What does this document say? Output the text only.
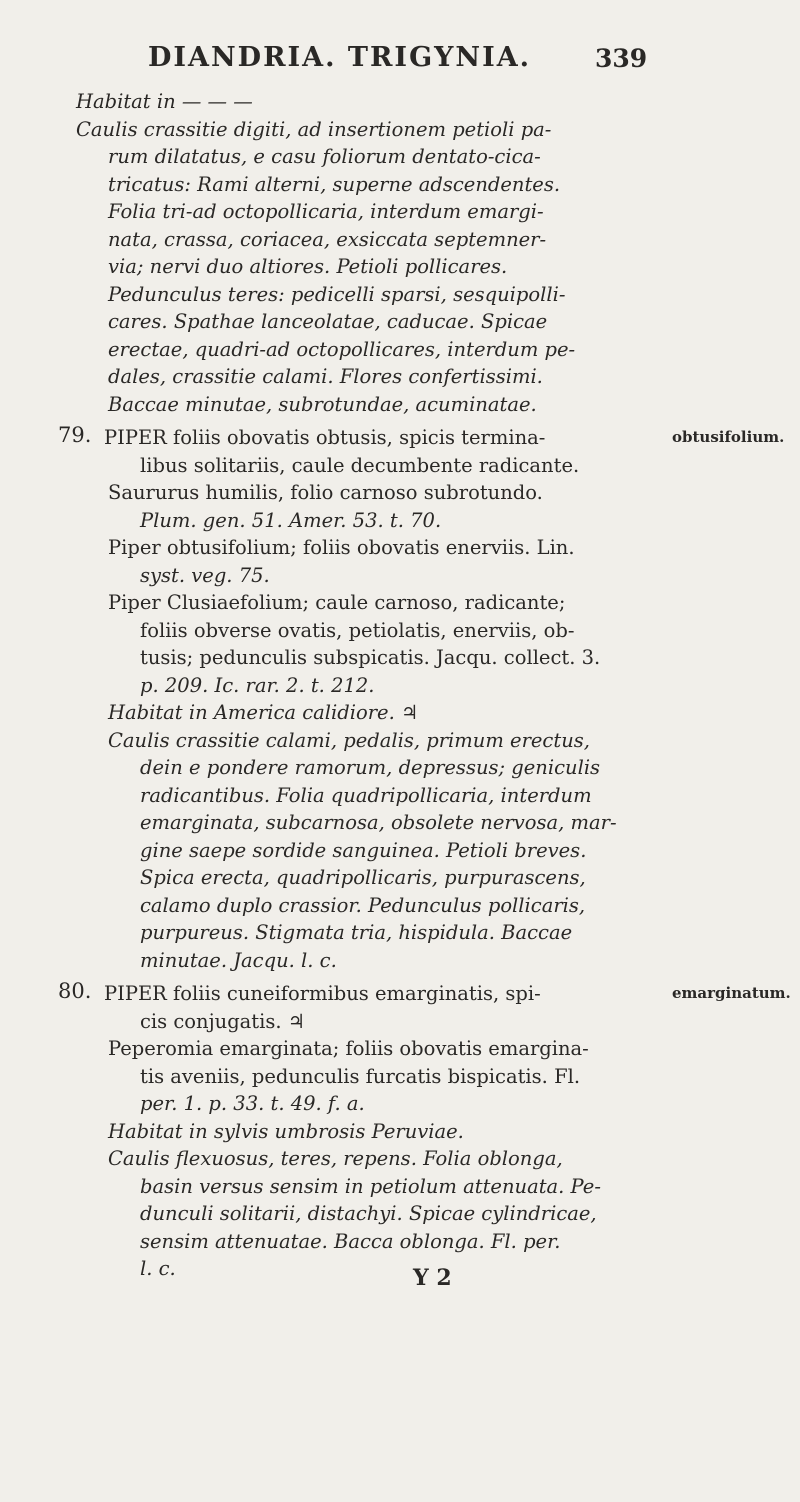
DIANDRIA. TRIGYNIA.	339
Habitat in — — —
Caulis crassitie digiti, ad insertionem petioli pa-
rum dilatatus, e casu foliorum dentato-cica-
tricatus: Rami alterni, superne adscendentes.
Folia tri-ad octopollicaria, interdum emargi-
nata, crassa, coriacea, exsiccata septemner-
via; nervi duo altiores. Petioli pollicares.
Pedunculus teres: pedicelli sparsi, sesquipolli-
cares. Spathae lanceolatae, caducae. Spicae
erectae, quadri-ad octopollicares, interdum pe-
dales, crassitie calami. Flores confertissimi.
Baccae minutae, subrotundae, acuminatae.
PIPER foliis obovatis obtusis, spicis termina-
libus solitariis, caule decumbente radicante.
Saururus humilis, folio carnoso subrotundo.
Plum. gen. 51. Amer. 53. t. 70.
Piper obtusifolium; foliis obovatis enerviis. Lin.
syst. veg. 75.
Piper Clusiaefolium; caule carnoso, radicante;
foliis obverse ovatis, petiolatis, enerviis, ob-
tusis; pedunculis subspicatis. Jacqu. collect. 3.
p. 209. Ic. rar. 2. t. 212.
Habitat in America calidiore. ♃
Caulis crassitie calami, pedalis, primum erectus,
dein e pondere ramorum, depressus; geniculis
radicantibus. Folia quadripollicaria, interdum
emarginata, subcarnosa, obsolete nervosa, mar-
gine saepe sordide sanguinea. Petioli breves.
Spica erecta, quadripollicaris, purpurascens,
calamo duplo crassior. Pedunculus pollicaris,
purpureus. Stigmata tria, hispidula. Baccae
minutae. Jacqu. l. c.
PIPER foliis cuneiformibus emarginatis, spi-
cis conjugatis. ♃
Peperomia emarginata; foliis obovatis emargina-
tis aveniis, pedunculis furcatis bispicatis. Fl.
per. 1. p. 33. t. 49. f. a.
Habitat in sylvis umbrosis Peruviae.
Caulis flexuosus, teres, repens. Folia oblonga,
basin versus sensim in petiolum attenuata. Pe-
dunculi solitarii, distachyi. Spicae cylindricae,
sensim attenuatae. Bacca oblonga. Fl. per.
l. c.
79.
80.
obtusifolium.
emarginatum.
Y 2
